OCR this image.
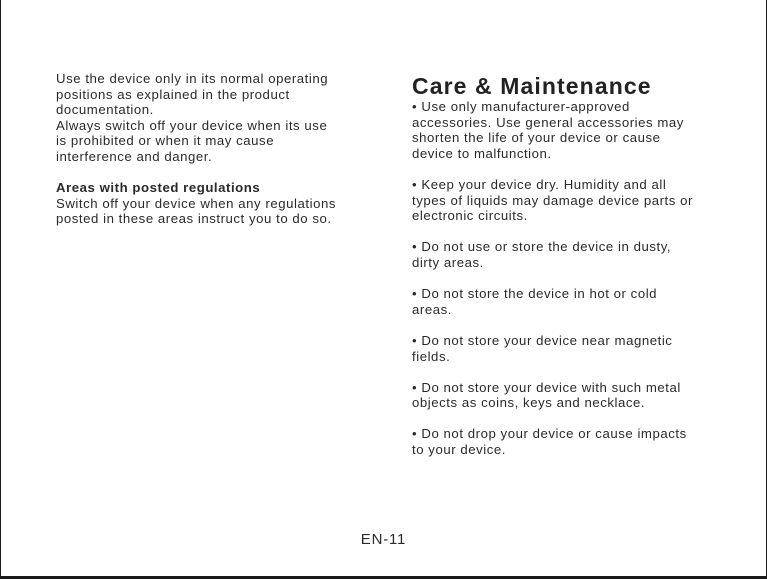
Use the device only in its normal operating
positions as explained in the product
documentation.
Always switch off your device when its use
is prohibited or when it may cause
interference and danger.

Areas with posted regulations

Switch off your device when any regulations
posted in these areas instruct you to do so.

Care & Maintenance

• Use only manufacturer-approved
accessories. Use general accessories may
shorten the life of your device or cause
device to malfunction.

• Keep your device dry. Humidity and all
types of liquids may damage device parts or
electronic circuits.

• Do not use or store the device in dusty,
dirty areas.

• Do not store the device in hot or cold
areas.

• Do not store your device near magnetic
fields.

• Do not store your device with such metal
objects as coins, keys and necklace.

• Do not drop your device or cause impacts
to your device.

EN-11
